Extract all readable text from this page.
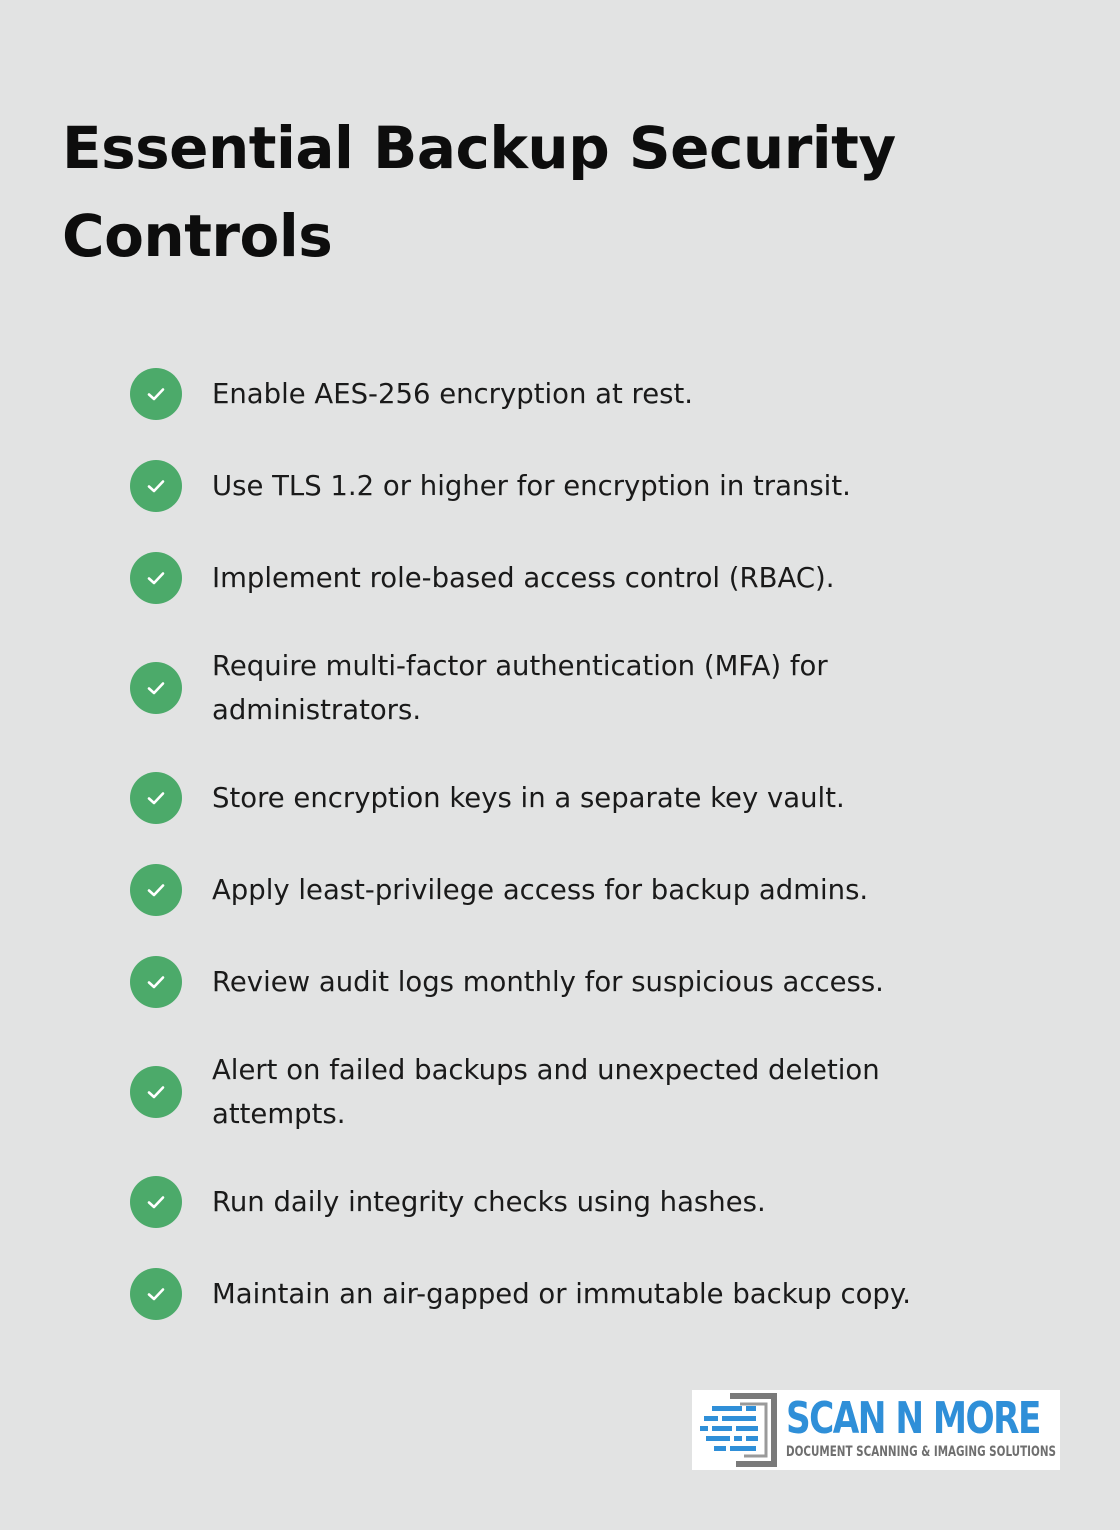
Essential Backup Security Controls
Enable AES-256 encryption at rest.
Use TLS 1.2 or higher for encryption in transit.
Implement role-based access control (RBAC).
Require multi-factor authentication (MFA) for administrators.
Store encryption keys in a separate key vault.
Apply least-privilege access for backup admins.
Review audit logs monthly for suspicious access.
Alert on failed backups and unexpected deletion attempts.
Run daily integrity checks using hashes.
Maintain an air-gapped or immutable backup copy.
SCAN N MORE
DOCUMENT SCANNING & IMAGING SOLUTIONS
